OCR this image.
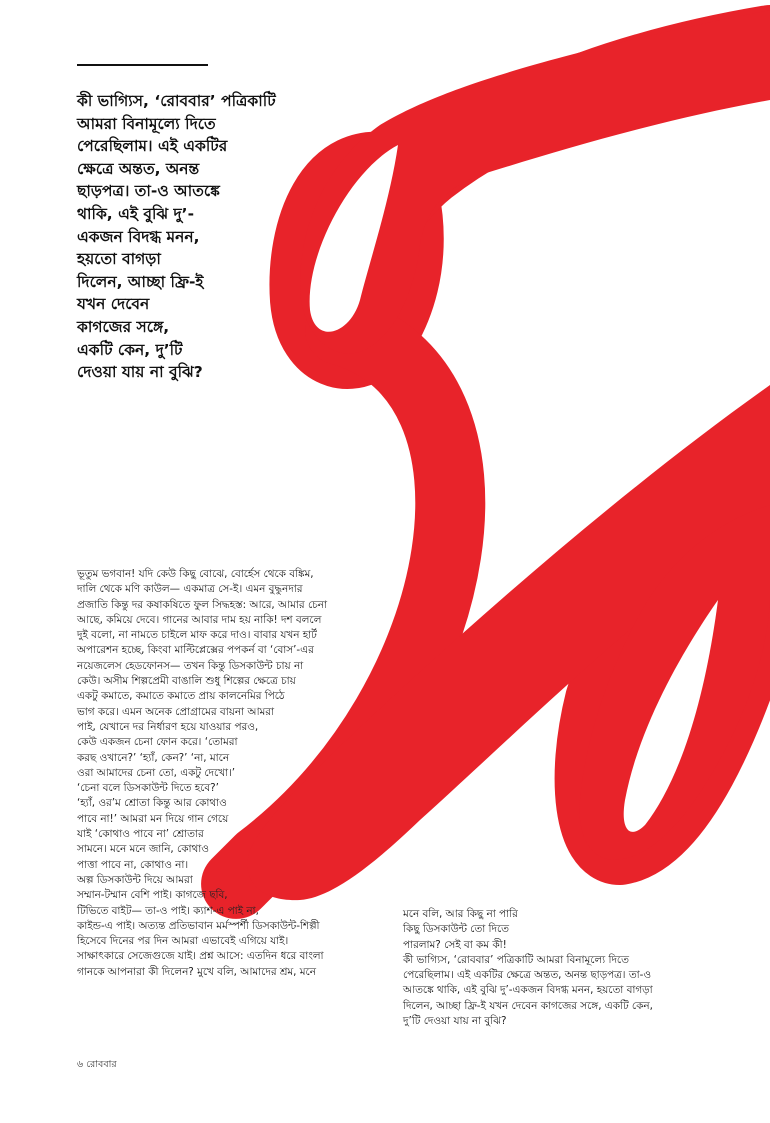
কী ভাগ্যিস, ‘রোববার’ পত্রিকাটি
আমরা বিনামূল্যে দিতে
পেরেছিলাম। এই একটির
ক্ষেত্রে অন্তত, অনন্ত
ছাড়পত্র। তা-ও আতঙ্কে
থাকি, এই বুঝি দু’-
একজন বিদগ্ধ মনন,
হয়তো বাগড়া
দিলেন, আচ্ছা ফ্রি-ই
যখন দেবেন
কাগজের সঙ্গে,
একটি কেন, দু’টি
দেওয়া যায় না বুঝি?
ভূতুম ভগবান! যদি কেউ কিছু বোঝে, বোর্হেস থেকে বঙ্কিম,
দালি থেকে মণি কাউল— একমাত্র সে-ই। এমন বুদ্ধুনদার
প্রজাতি কিন্তু দর কষাকষিতে ফুল সিদ্ধহস্ত: আরে, আমার চেনা
আছে, কমিয়ে দেবে। গানের আবার দাম হয় নাকি! দশ বললে
দুই বলো, না নামতে চাইলে মাফ করে দাও। বাবার যখন হার্ট
অপারেশন হচ্ছে, কিংবা মাল্টিপ্লেক্সের পপকর্ন বা ‘বোস’-এর
নয়েজলেস হেডফোনস— তখন কিন্তু ডিসকাউন্ট চায় না
কেউ। অসীম শিল্পপ্রেমী বাঙালি শুধু শিল্পের ক্ষেত্রে চায়
একটু কমাতে, কমাতে কমাতে প্রায় কালনেমির পিঠে
ভাগ করে। এমন অনেক প্রোগ্রামের বায়না আমরা
পাই, যেখানে দর নির্ধারণ হয়ে যাওয়ার পরও,
কেউ একজন চেনা ফোন করে। ‘তোমরা
করছ ওখানে?’ ‘হ্যাঁ, কেন?’ ‘না, মানে
ওরা আমাদের চেনা তো, একটু দেখো।’
‘চেনা বলে ডিসকাউন্ট দিতে হবে?’
‘হ্যাঁ, ওর’ম শ্রোতা কিন্তু আর কোথাও
পাবে না!’ আমরা মন দিয়ে গান গেয়ে
যাই ‘কোথাও পাবে না’ শ্রোতার
সামনে। মনে মনে জানি, কোথাও
পাত্তা পাবে না, কোথাও না।
অল্প ডিসকাউন্ট দিয়ে আমরা
সম্মান-টম্মান বেশি পাই। কাগজে ছবি,
টিভিতে বাইট— তা-ও পাই। ক্যাশ-এ পাই না,
কাইন্ড-এ পাই। অত্যন্ত প্রতিভাবান মর্মস্পর্শী ডিসকাউন্ট-শিল্পী
হিসেবে দিনের পর দিন আমরা এভাবেই এগিয়ে যাই।
সাক্ষাৎকারে সেজেগুজে যাই। প্রশ্ন আসে: এতদিন ধরে বাংলা
গানকে আপনারা কী দিলেন? মুখে বলি, আমাদের শ্রম, মনে
মনে বলি, আর কিছু না পারি
কিছু ডিসকাউন্ট তো দিতে
পারলাম? সেই বা কম কী!
কী ভাগ্যিস, ‘রোববার’ পত্রিকাটি আমরা বিনামূল্যে দিতে
পেরেছিলাম। এই একটির ক্ষেত্রে অন্তত, অনন্ত ছাড়পত্র। তা-ও
আতঙ্কে থাকি, এই বুঝি দু’-একজন বিদগ্ধ মনন, হয়তো বাগড়া
দিলেন, আচ্ছা ফ্রি-ই যখন দেবেন কাগজের সঙ্গে, একটি কেন,
দু’টি দেওয়া যায় না বুঝি?
৬ রোববার
